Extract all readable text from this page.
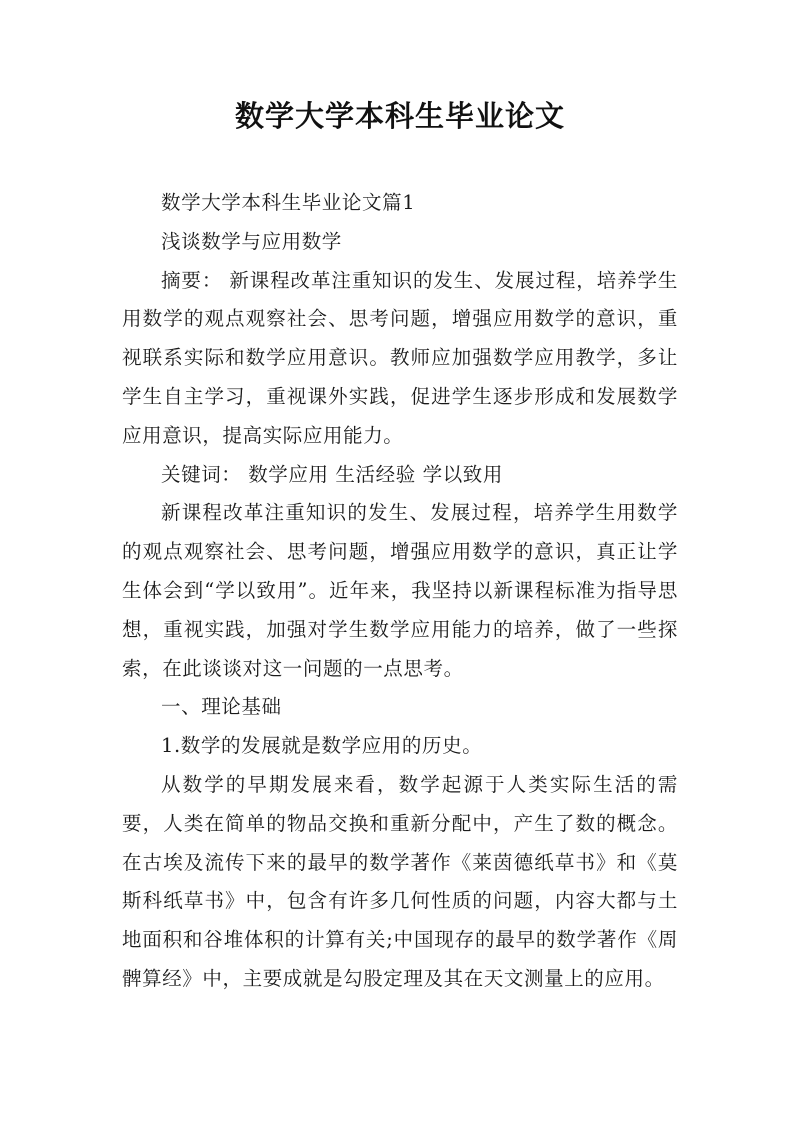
数学大学本科生毕业论文

数学大学本科生毕业论文篇1

浅谈数学与应用数学

摘要： 新课程改革注重知识的发生、发展过程，培养学生用数学的观点观察社会、思考问题，增强应用数学的意识，重视联系实际和数学应用意识。教师应加强数学应用教学，多让学生自主学习，重视课外实践，促进学生逐步形成和发展数学应用意识，提高实际应用能力。

关键词： 数学应用 生活经验 学以致用

新课程改革注重知识的发生、发展过程，培养学生用数学的观点观察社会、思考问题，增强应用数学的意识，真正让学生体会到“学以致用”。近年来，我坚持以新课程标准为指导思想，重视实践，加强对学生数学应用能力的培养，做了一些探索，在此谈谈对这一问题的一点思考。

一、理论基础

1.数学的发展就是数学应用的历史。

从数学的早期发展来看，数学起源于人类实际生活的需要，人类在简单的物品交换和重新分配中，产生了数的概念。在古埃及流传下来的最早的数学著作《莱茵德纸草书》和《莫斯科纸草书》中，包含有许多几何性质的问题，内容大都与土地面积和谷堆体积的计算有关;中国现存的最早的数学著作《周髀算经》中，主要成就是勾股定理及其在天文测量上的应用。
